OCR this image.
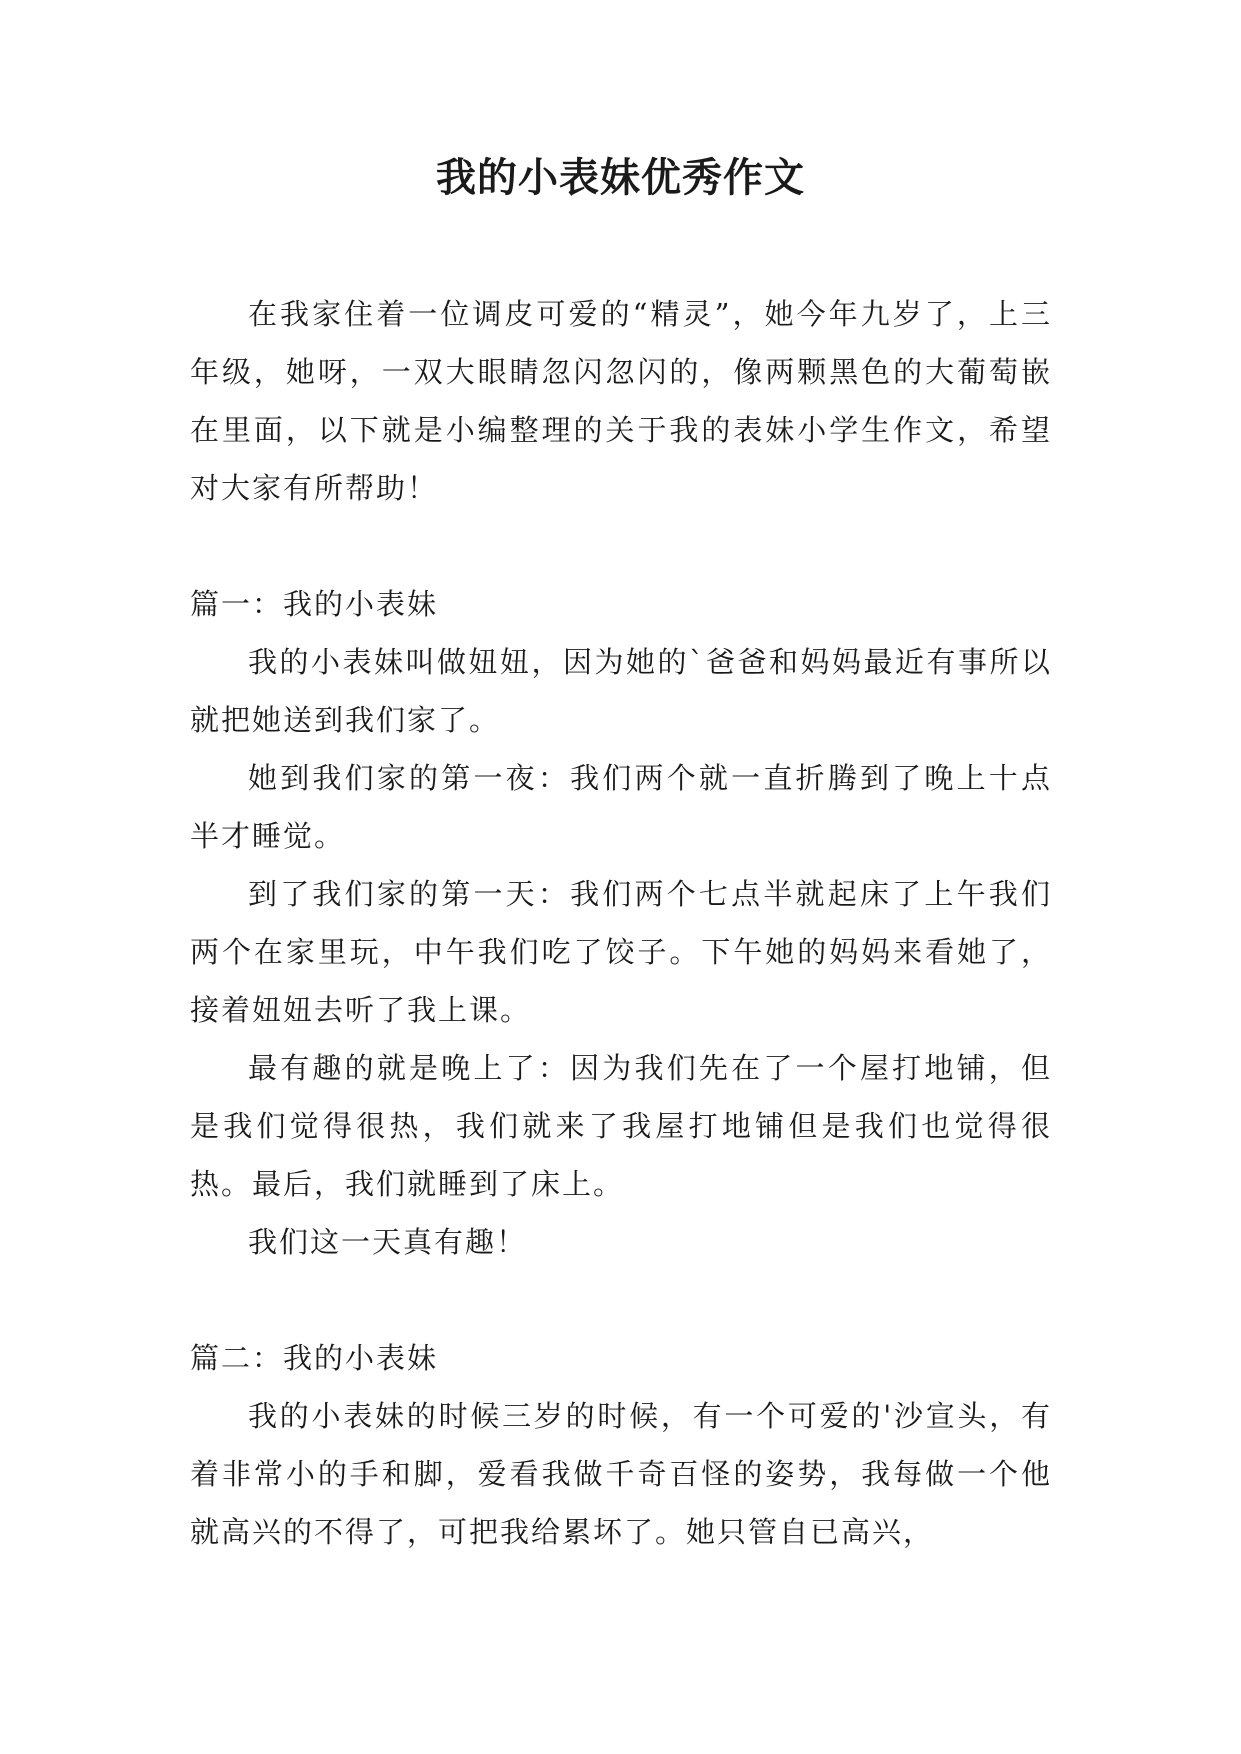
我的小表妹优秀作文

在我家住着一位调皮可爱的“精灵”，她今年九岁了，上三年级，她呀，一双大眼睛忽闪忽闪的，像两颗黑色的大葡萄嵌在里面，以下就是小编整理的关于我的表妹小学生作文，希望对大家有所帮助！

篇一：我的小表妹

我的小表妹叫做妞妞，因为她的`爸爸和妈妈最近有事所以就把她送到我们家了。

她到我们家的第一夜：我们两个就一直折腾到了晚上十点半才睡觉。

到了我们家的第一天：我们两个七点半就起床了上午我们两个在家里玩，中午我们吃了饺子。下午她的妈妈来看她了，接着妞妞去听了我上课。

最有趣的就是晚上了：因为我们先在了一个屋打地铺，但是我们觉得很热，我们就来了我屋打地铺但是我们也觉得很热。最后，我们就睡到了床上。

我们这一天真有趣！

篇二：我的小表妹

我的小表妹的时候三岁的时候，有一个可爱的'沙宣头，有着非常小的手和脚，爱看我做千奇百怪的姿势，我每做一个他就高兴的不得了，可把我给累坏了。她只管自已高兴，
